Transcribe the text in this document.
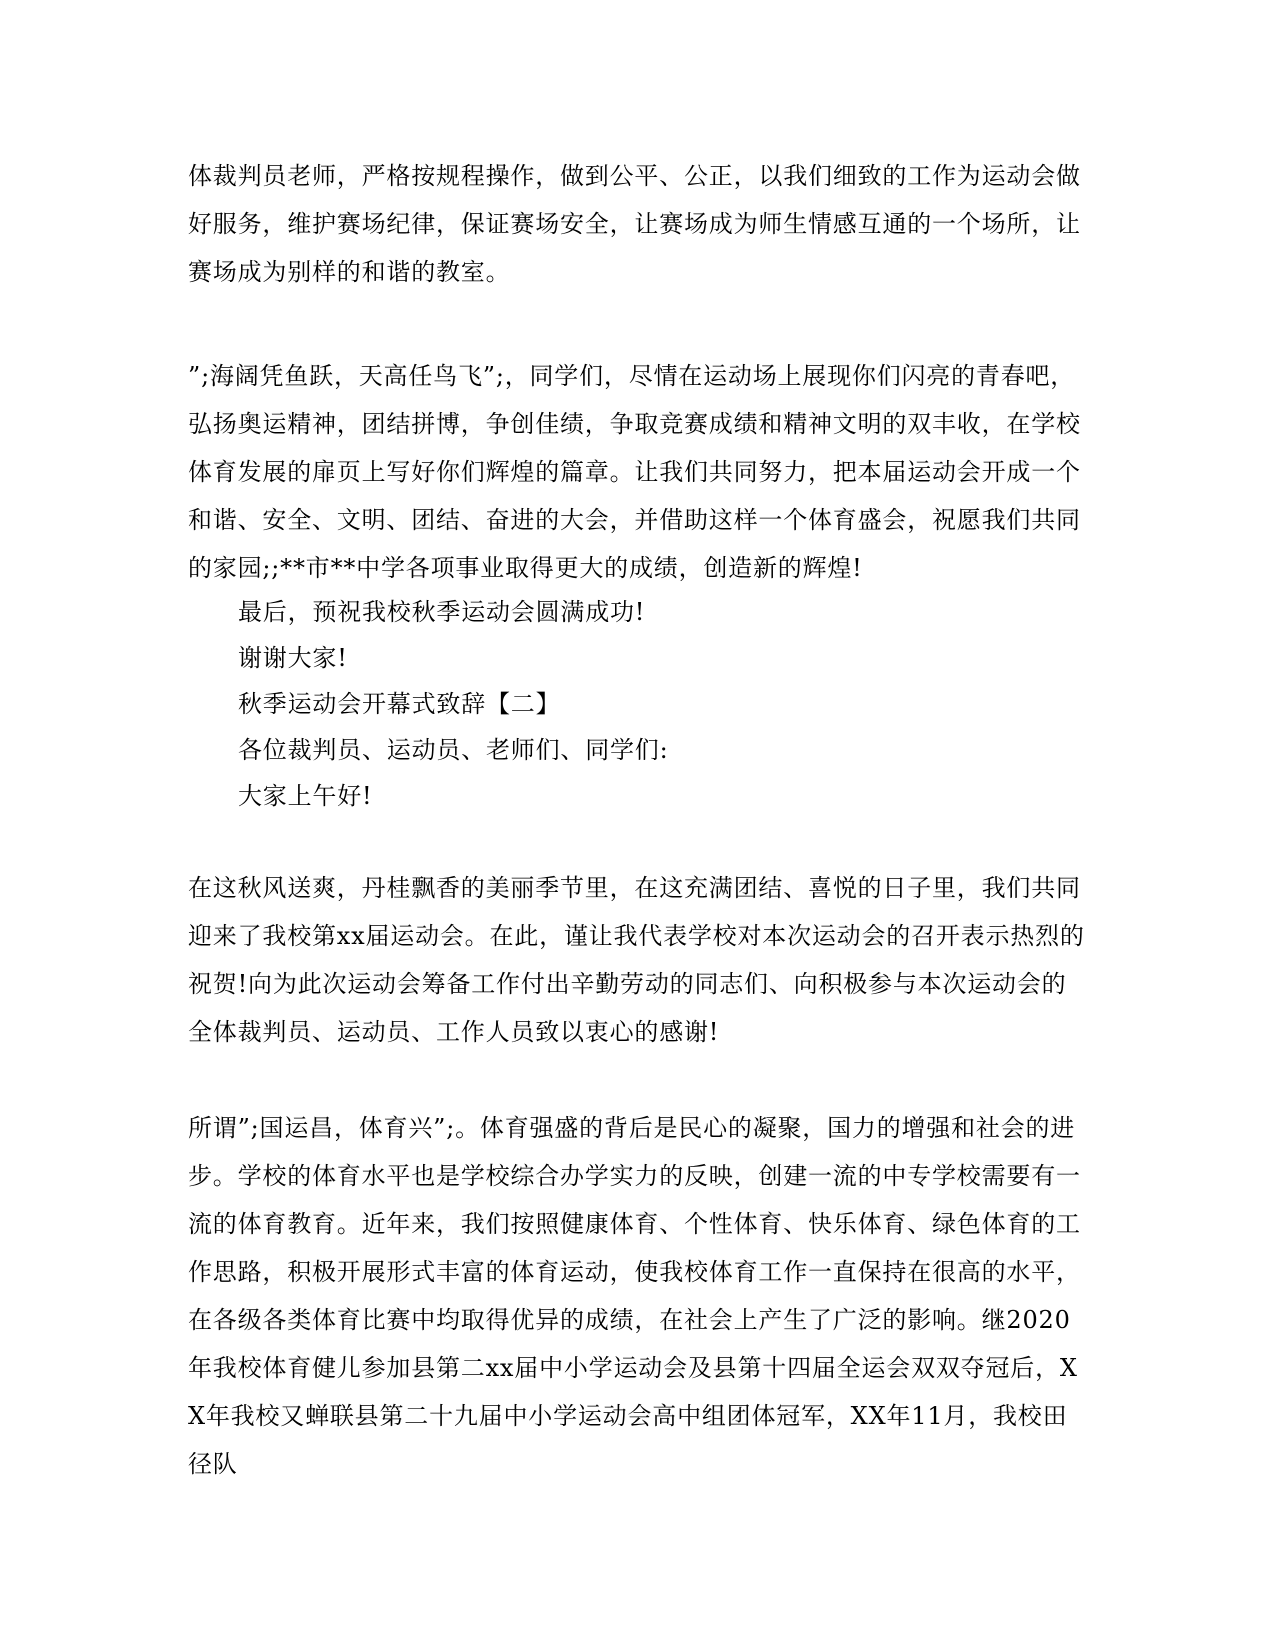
体裁判员老师，严格按规程操作，做到公平、公正，以我们细致的工作为运动会做好服务，维护赛场纪律，保证赛场安全，让赛场成为师生情感互通的一个场所，让赛场成为别样的和谐的教室。
”;海阔凭鱼跃，天高任鸟飞”;，同学们，尽情在运动场上展现你们闪亮的青春吧，弘扬奥运精神，团结拼博，争创佳绩，争取竞赛成绩和精神文明的双丰收，在学校体育发展的扉页上写好你们辉煌的篇章。让我们共同努力，把本届运动会开成一个和谐、安全、文明、团结、奋进的大会，并借助这样一个体育盛会，祝愿我们共同的家园;;**市**中学各项事业取得更大的成绩，创造新的辉煌!
最后，预祝我校秋季运动会圆满成功!
谢谢大家!
秋季运动会开幕式致辞【二】
各位裁判员、运动员、老师们、同学们:
大家上午好!
在这秋风送爽，丹桂飘香的美丽季节里，在这充满团结、喜悦的日子里，我们共同迎来了我校第xx届运动会。在此，谨让我代表学校对本次运动会的召开表示热烈的祝贺!向为此次运动会筹备工作付出辛勤劳动的同志们、向积极参与本次运动会的全体裁判员、运动员、工作人员致以衷心的感谢!
所谓”;国运昌，体育兴”;。体育强盛的背后是民心的凝聚，国力的增强和社会的进步。学校的体育水平也是学校综合办学实力的反映，创建一流的中专学校需要有一流的体育教育。近年来，我们按照健康体育、个性体育、快乐体育、绿色体育的工作思路，积极开展形式丰富的体育运动，使我校体育工作一直保持在很高的水平，在各级各类体育比赛中均取得优异的成绩，在社会上产生了广泛的影响。继2020年我校体育健儿参加县第二xx届中小学运动会及县第十四届全运会双双夺冠后，XX年我校又蝉联县第二十九届中小学运动会高中组团体冠军，XX年11月，我校田径队
